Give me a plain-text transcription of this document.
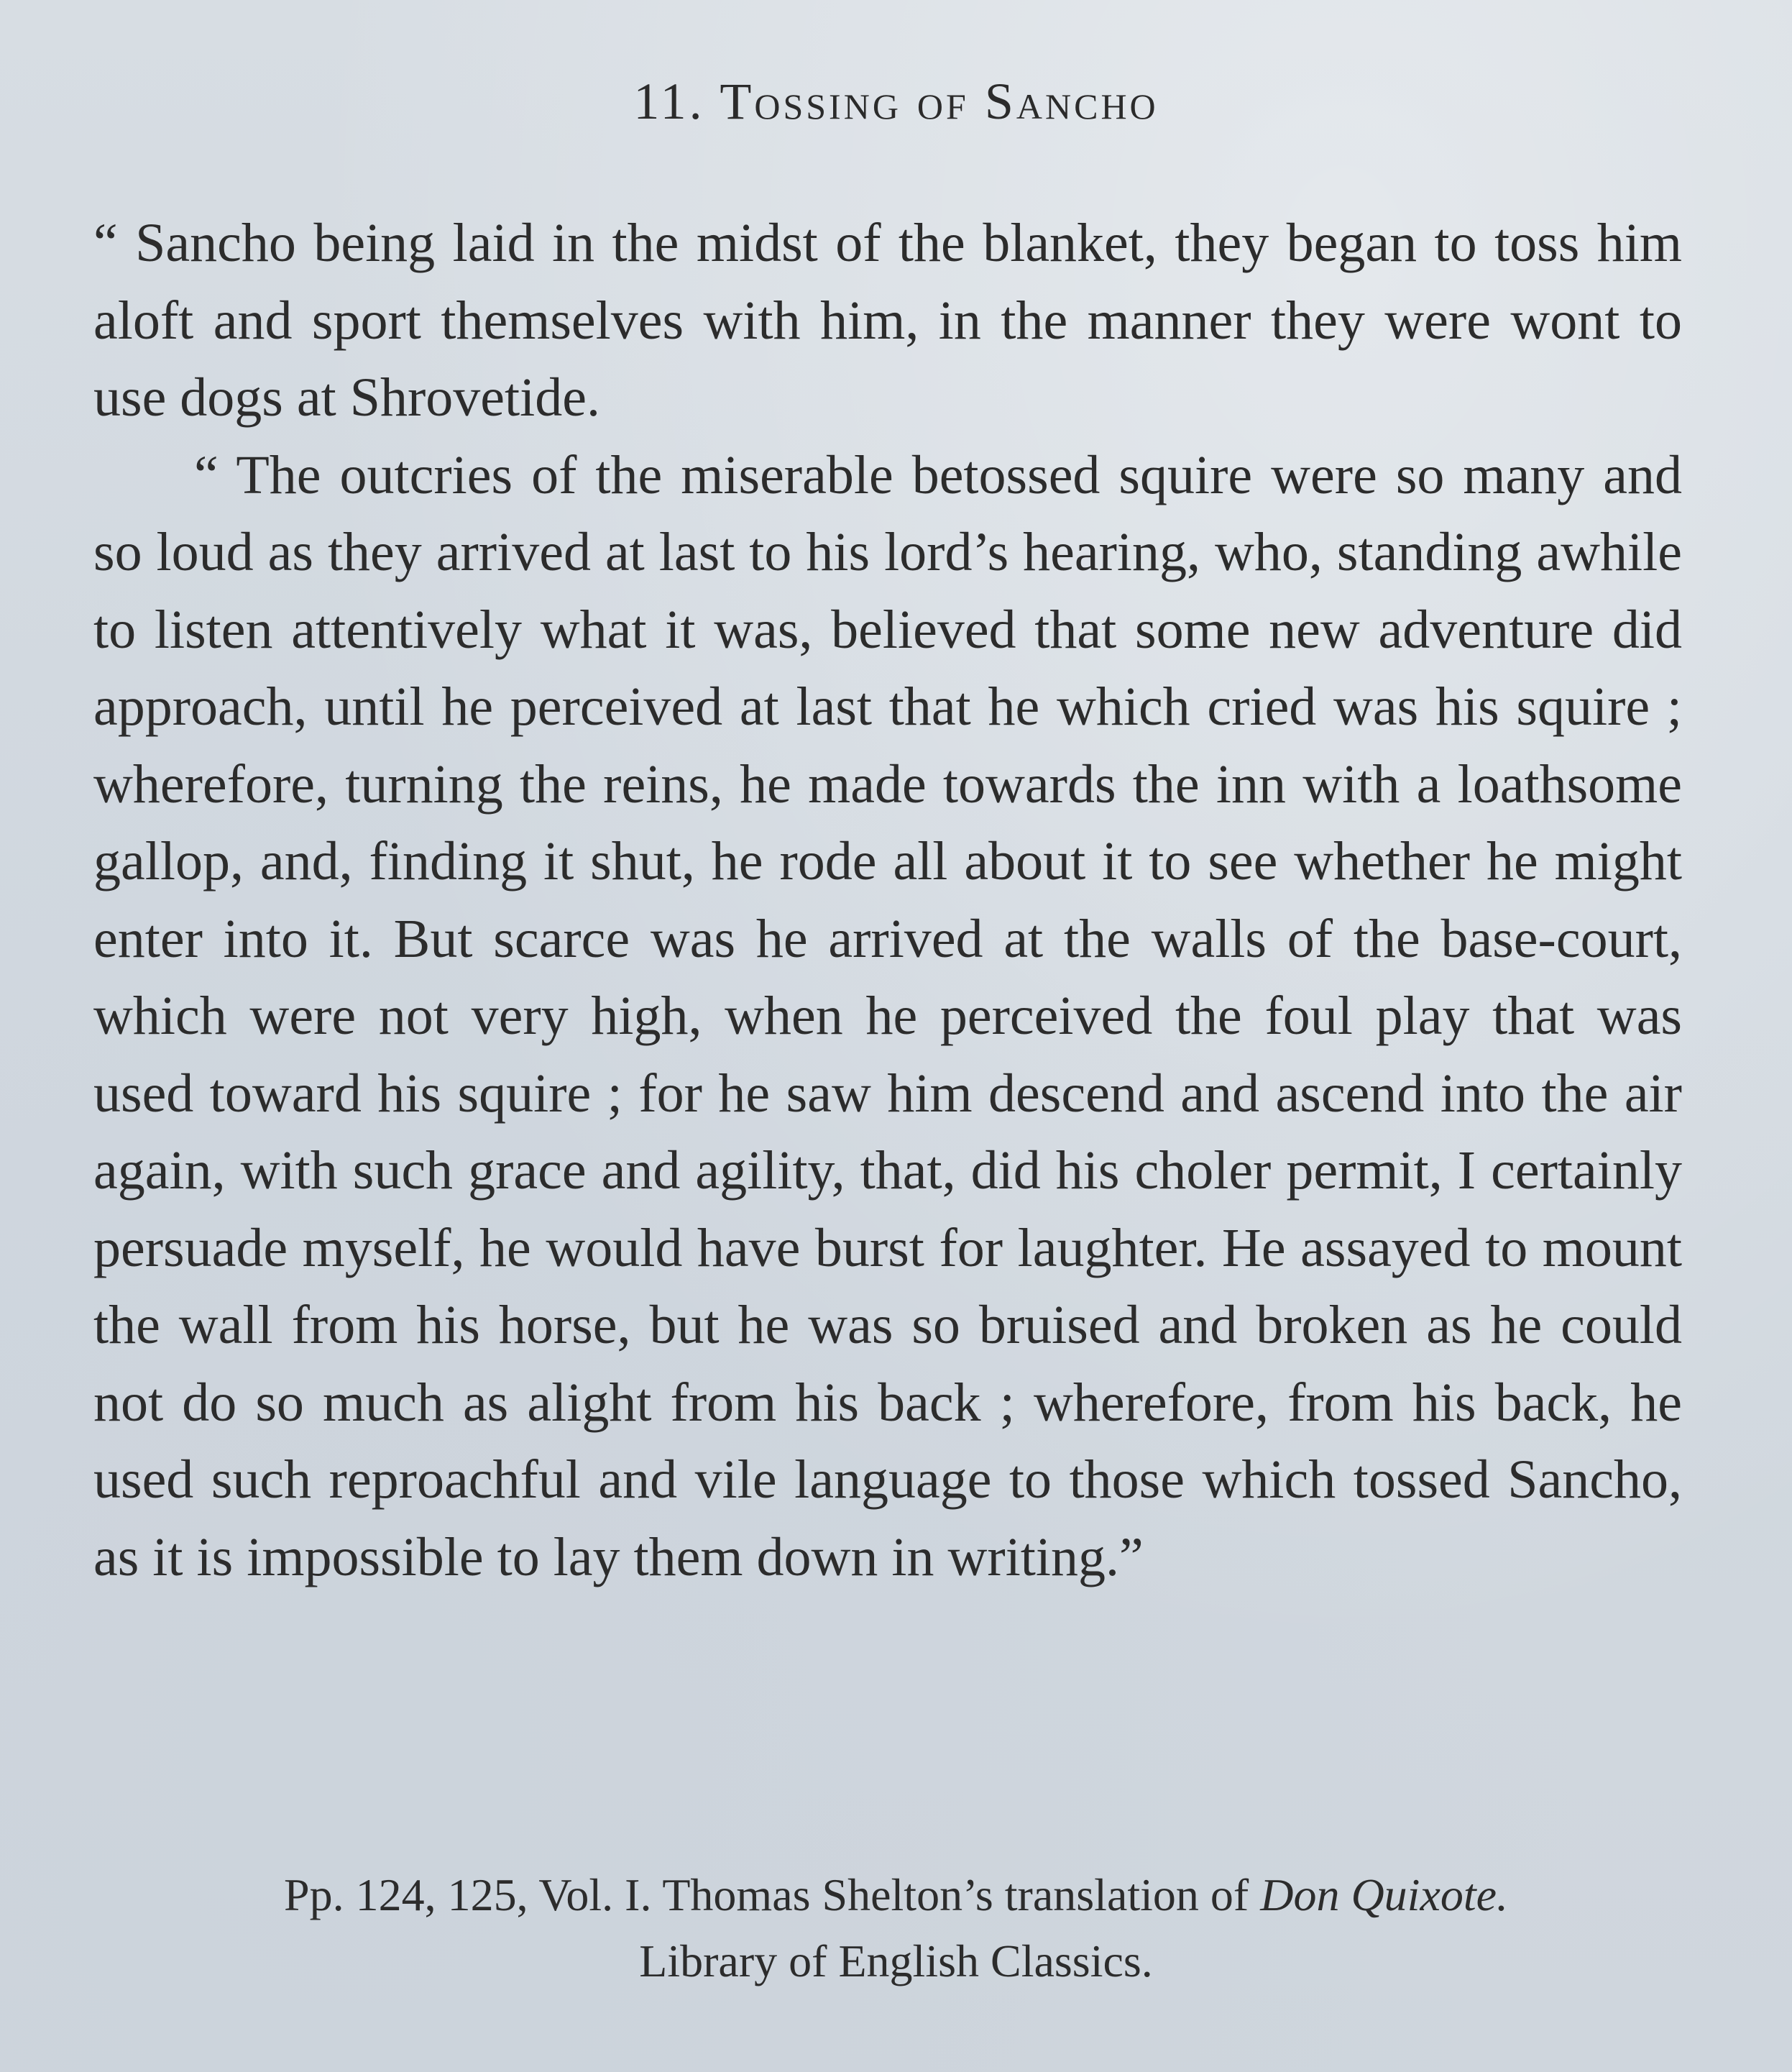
11. Tossing of Sancho

“ Sancho being laid in the midst of the blanket, they began to toss him aloft and sport themselves with him, in the manner they were wont to use dogs at Shrovetide.

“ The outcries of the miserable betossed squire were so many and so loud as they arrived at last to his lord’s hearing, who, standing awhile to listen attentively what it was, believed that some new adventure did approach, until he perceived at last that he which cried was his squire ; wherefore, turning the reins, he made towards the inn with a loathsome gallop, and, finding it shut, he rode all about it to see whether he might enter into it. But scarce was he arrived at the walls of the base-court, which were not very high, when he perceived the foul play that was used toward his squire ; for he saw him descend and ascend into the air again, with such grace and agility, that, did his choler permit, I certainly persuade myself, he would have burst for laughter. He assayed to mount the wall from his horse, but he was so bruised and broken as he could not do so much as alight from his back ; wherefore, from his back, he used such reproachful and vile language to those which tossed Sancho, as it is impossible to lay them down in writing.”

Pp. 124, 125, Vol. I. Thomas Shelton’s translation of Don Quixote.
Library of English Classics.
